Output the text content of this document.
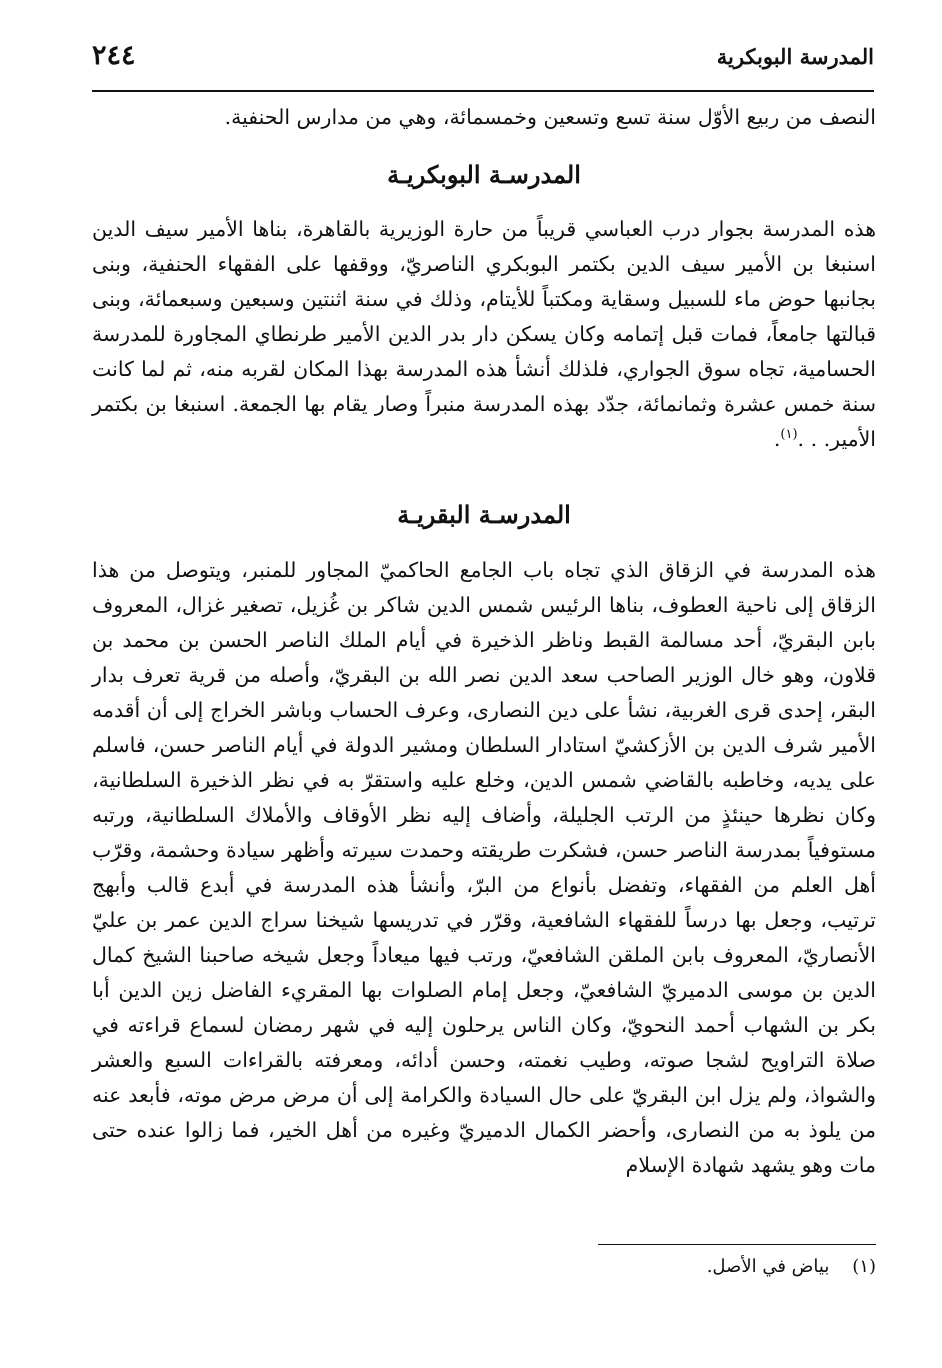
المدرسة البوبكرية
٢٤٤

النصف من ربيع الأوّل سنة تسع وتسعين وخمسمائة، وهي من مدارس الحنفية.

المدرسـة البوبكريـة

هذه المدرسة بجوار درب العباسي قريباً من حارة الوزيرية بالقاهرة، بناها الأمير سيف الدين اسنبغا بن الأمير سيف الدين بكتمر البوبكري الناصريّ، ووقفها على الفقهاء الحنفية، وبنى بجانبها حوض ماء للسبيل وسقاية ومكتباً للأيتام، وذلك في سنة اثنتين وسبعين وسبعمائة، وبنى قبالتها جامعاً، فمات قبل إتمامه وكان يسكن دار بدر الدين الأمير طرنطاي المجاورة للمدرسة الحسامية، تجاه سوق الجواري، فلذلك أنشأ هذه المدرسة بهذا المكان لقربه منه، ثم لما كانت سنة خمس عشرة وثمانمائة، جدّد بهذه المدرسة منبراً وصار يقام بها الجمعة. اسنبغا بن بكتمر الأمير. . .$^{(١)}$.

المدرسـة البقريـة

هذه المدرسة في الزقاق الذي تجاه باب الجامع الحاكميّ المجاور للمنبر، ويتوصل من هذا الزقاق إلى ناحية العطوف، بناها الرئيس شمس الدين شاكر بن غُزيل، تصغير غزال، المعروف بابن البقريّ، أحد مسالمة القبط وناظر الذخيرة في أيام الملك الناصر الحسن بن محمد بن قلاون، وهو خال الوزير الصاحب سعد الدين نصر الله بن البقريّ، وأصله من قرية تعرف بدار البقر، إحدى قرى الغربية، نشأ على دين النصارى، وعرف الحساب وباشر الخراج إلى أن أقدمه الأمير شرف الدين بن الأزكشيّ استادار السلطان ومشير الدولة في أيام الناصر حسن، فاسلم على يديه، وخاطبه بالقاضي شمس الدين، وخلع عليه واستقرّ به في نظر الذخيرة السلطانية، وكان نظرها حينئذٍ من الرتب الجليلة، وأضاف إليه نظر الأوقاف والأملاك السلطانية، ورتبه مستوفياً بمدرسة الناصر حسن، فشكرت طريقته وحمدت سيرته وأظهر سيادة وحشمة، وقرّب أهل العلم من الفقهاء، وتفضل بأنواع من البرّ، وأنشأ هذه المدرسة في أبدع قالب وأبهج ترتيب، وجعل بها درساً للفقهاء الشافعية، وقرّر في تدريسها شيخنا سراج الدين عمر بن عليّ الأنصاريّ، المعروف بابن الملقن الشافعيّ، ورتب فيها ميعاداً وجعل شيخه صاحبنا الشيخ كمال الدين بن موسى الدميريّ الشافعيّ، وجعل إمام الصلوات بها المقريء الفاضل زين الدين أبا بكر بن الشهاب أحمد النحويّ، وكان الناس يرحلون إليه في شهر رمضان لسماع قراءته في صلاة التراويح لشجا صوته، وطيب نغمته، وحسن أدائه، ومعرفته بالقراءات السبع والعشر والشواذ، ولم يزل ابن البقريّ على حال السيادة والكرامة إلى أن مرض مرض موته، فأبعد عنه من يلوذ به من النصارى، وأحضر الكمال الدميريّ وغيره من أهل الخير، فما زالوا عنده حتى مات وهو يشهد شهادة الإسلام

(١)    بياض في الأصل.
